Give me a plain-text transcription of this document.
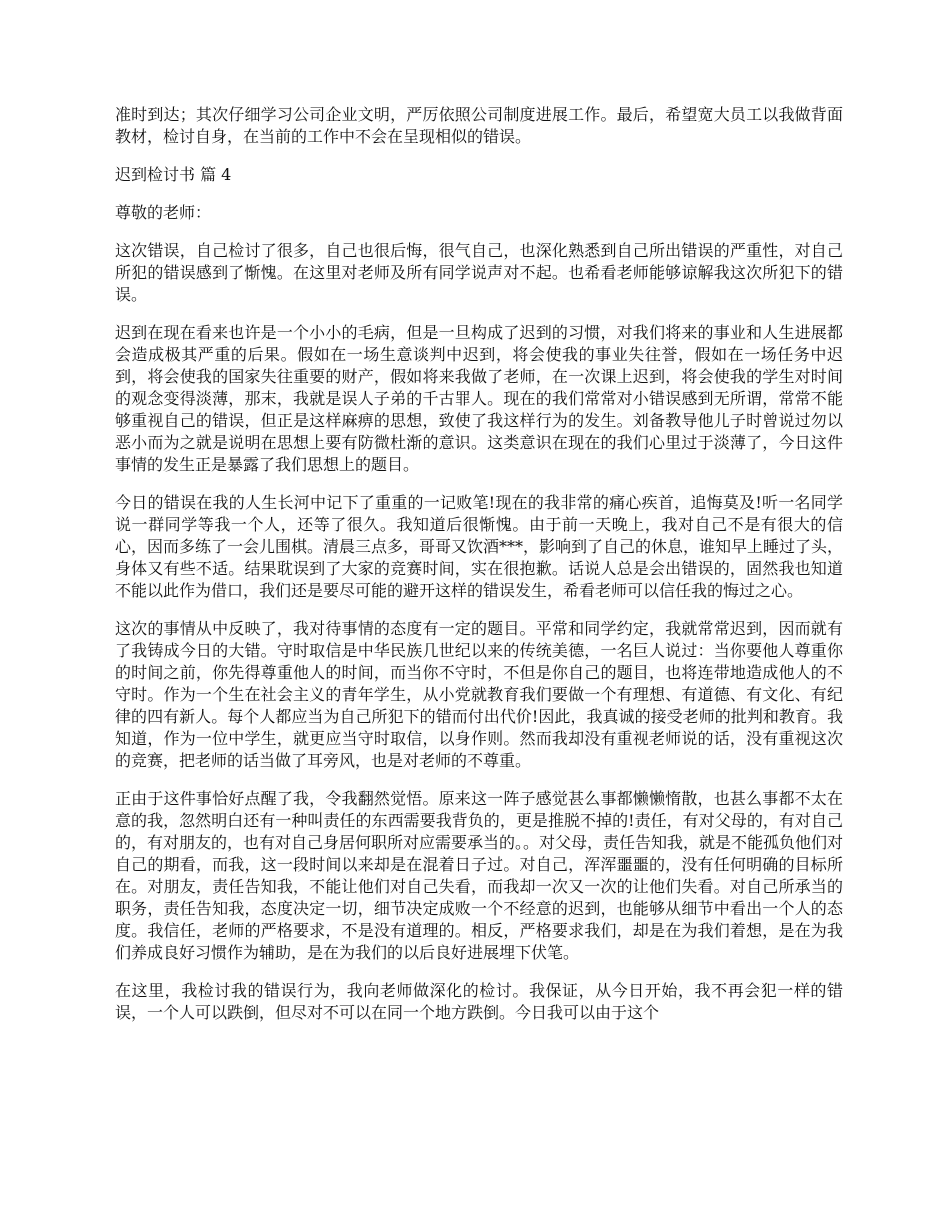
准时到达；其次仔细学习公司企业文明，严厉依照公司制度进展工作。最后，希望宽大员工以我做背面教材，检讨自身，在当前的工作中不会在呈现相似的错误。

迟到检讨书 篇 4

尊敬的老师：

这次错误，自己检讨了很多，自己也很后悔，很气自己，也深化熟悉到自己所出错误的严重性，对自己所犯的错误感到了惭愧。在这里对老师及所有同学说声对不起。也希看老师能够谅解我这次所犯下的错误。

迟到在现在看来也许是一个小小的毛病，但是一旦构成了迟到的习惯，对我们将来的事业和人生进展都会造成极其严重的后果。假如在一场生意谈判中迟到，将会使我的事业失往誉，假如在一场任务中迟到，将会使我的国家失往重要的财产，假如将来我做了老师，在一次课上迟到，将会使我的学生对时间的观念变得淡薄，那末，我就是误人子弟的千古罪人。现在的我们常常对小错误感到无所谓，常常不能够重视自己的错误，但正是这样麻痹的思想，致使了我这样行为的发生。刘备教导他儿子时曾说过勿以恶小而为之就是说明在思想上要有防微杜渐的意识。这类意识在现在的我们心里过于淡薄了，今日这件事情的发生正是暴露了我们思想上的题目。

今日的错误在我的人生长河中记下了重重的一记败笔!现在的我非常的痛心疾首，追悔莫及!听一名同学说一群同学等我一个人，还等了很久。我知道后很惭愧。由于前一天晚上，我对自己不是有很大的信心，因而多练了一会儿围棋。清晨三点多，哥哥又饮酒***，影响到了自己的休息，谁知早上睡过了头，身体又有些不适。结果耽误到了大家的竞赛时间，实在很抱歉。话说人总是会出错误的，固然我也知道不能以此作为借口，我们还是要尽可能的避开这样的错误发生，希看老师可以信任我的悔过之心。

这次的事情从中反映了，我对待事情的态度有一定的题目。平常和同学约定，我就常常迟到，因而就有了我铸成今日的大错。守时取信是中华民族几世纪以来的传统美德，一名巨人说过：当你要他人尊重你的时间之前，你先得尊重他人的时间，而当你不守时，不但是你自己的题目，也将连带地造成他人的不守时。作为一个生在社会主义的青年学生，从小党就教育我们要做一个有理想、有道德、有文化、有纪律的四有新人。每个人都应当为自己所犯下的错而付出代价!因此，我真诚的接受老师的批判和教育。我知道，作为一位中学生，就更应当守时取信，以身作则。然而我却没有重视老师说的话，没有重视这次的竞赛，把老师的话当做了耳旁风，也是对老师的不尊重。

正由于这件事恰好点醒了我，令我翻然觉悟。原来这一阵子感觉甚么事都懒懒惰散，也甚么事都不太在意的我，忽然明白还有一种叫责任的东西需要我背负的，更是推脱不掉的!责任，有对父母的，有对自己的，有对朋友的，也有对自己身居何职所对应需要承当的。。对父母，责任告知我，就是不能孤负他们对自己的期看，而我，这一段时间以来却是在混着日子过。对自己，浑浑噩噩的，没有任何明确的目标所在。对朋友，责任告知我，不能让他们对自己失看，而我却一次又一次的让他们失看。对自己所承当的职务，责任告知我，态度决定一切，细节决定成败一个不经意的迟到，也能够从细节中看出一个人的态度。我信任，老师的严格要求，不是没有道理的。相反，严格要求我们，却是在为我们着想，是在为我们养成良好习惯作为辅助，是在为我们的以后良好进展埋下伏笔。

在这里，我检讨我的错误行为，我向老师做深化的检讨。我保证，从今日开始，我不再会犯一样的错误，一个人可以跌倒，但尽对不可以在同一个地方跌倒。今日我可以由于这个
